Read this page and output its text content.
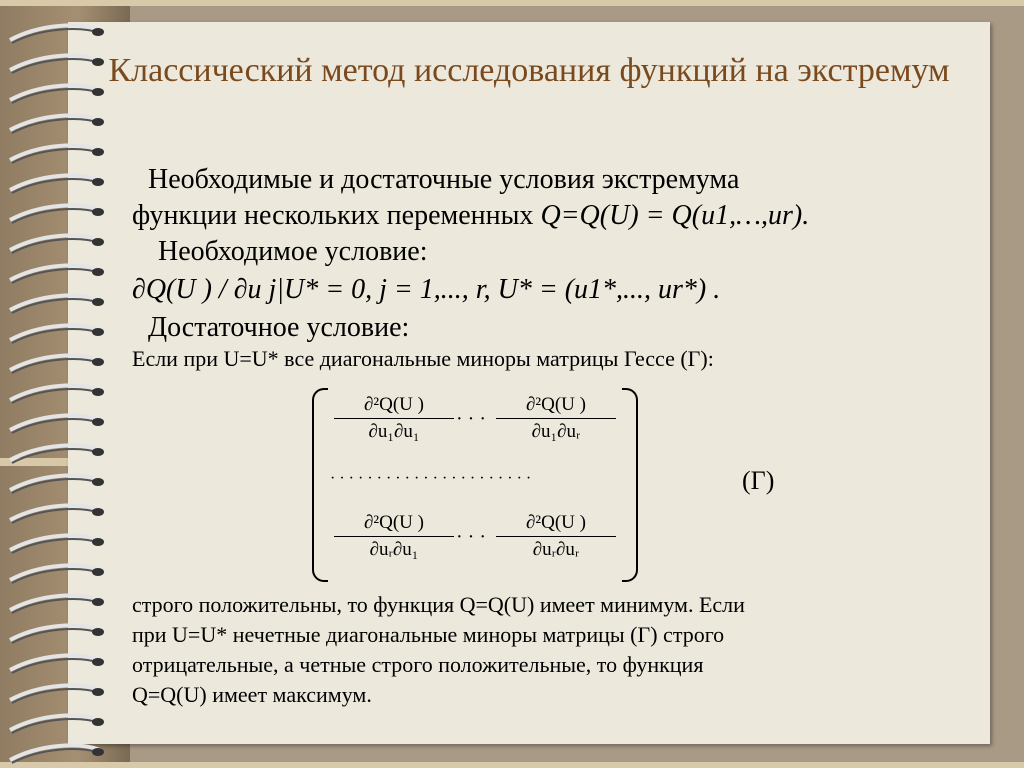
Классический метод исследования функций на экстремум
Необходимые и достаточные условия экстремума
функции нескольких переменных Q=Q(U) = Q(u1,…,ur).
Необходимое условие:
∂Q(U ) / ∂u j|U* = 0, j = 1,..., r, U* = (u1*,..., ur*) .
Достаточное условие:
Если при U=U* все диагональные миноры матрицы Гессе (Г):
$\frac{\text{∂²Q(U )}}{\text{∂u₁∂u₁}}$ · · · $\frac{\text{∂²Q(U )}}{\text{∂u₁∂uᵣ}}$
· · · · · · · · · · · · · · · · · · · · · ·
$\frac{\text{∂²Q(U )}}{\text{∂uᵣ∂u₁}}$ · · · $\frac{\text{∂²Q(U )}}{\text{∂uᵣ∂uᵣ}}$
(Г)
строго положительны, то функция Q=Q(U) имеет минимум. Если
при U=U* нечетные диагональные миноры матрицы (Г) строго
отрицательные, а четные строго положительные, то функция
Q=Q(U) имеет максимум.
